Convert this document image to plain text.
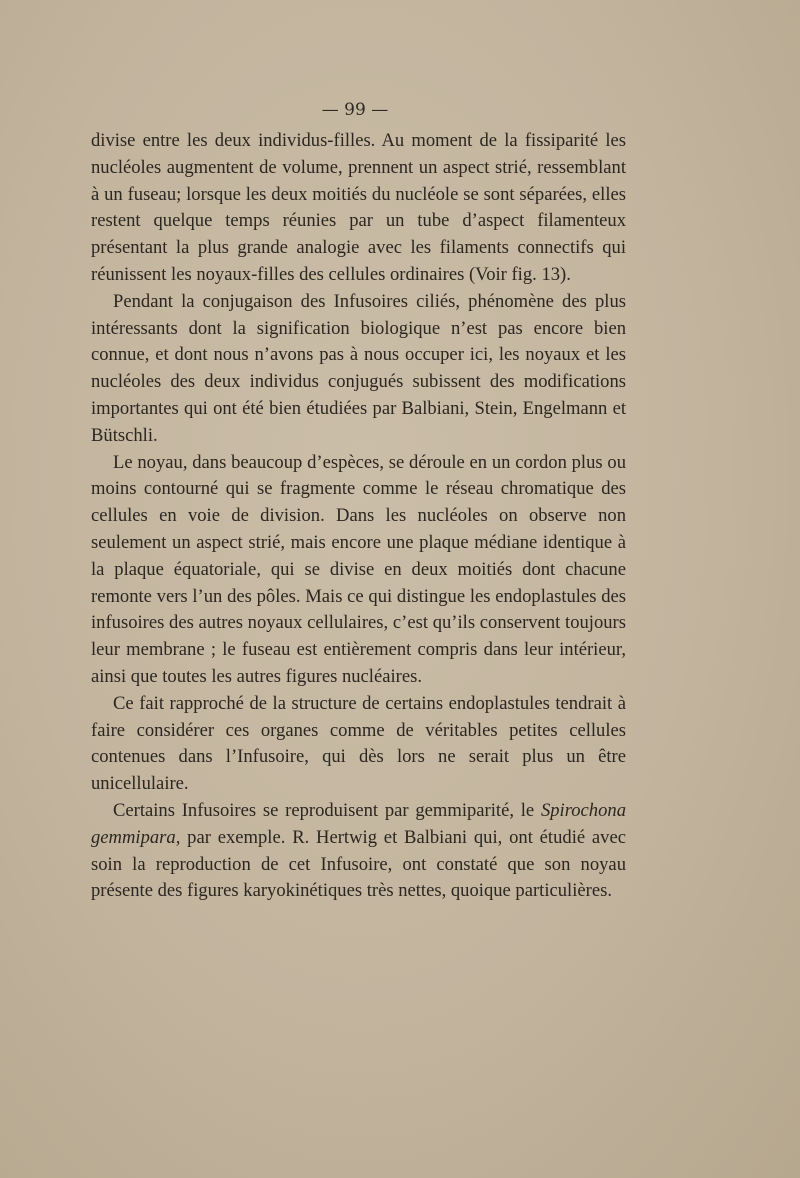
— 99 —

divise entre les deux individus-filles. Au moment de la fissiparité les nucléoles augmentent de volume, prennent un aspect strié, ressemblant à un fuseau; lorsque les deux moitiés du nucléole se sont séparées, elles restent quelque temps réunies par un tube d’aspect filamenteux présentant la plus grande analogie avec les filaments connectifs qui réunissent les noyaux-filles des cellules ordinaires (Voir fig. 13).

Pendant la conjugaison des Infusoires ciliés, phénomène des plus intéressants dont la signification biologique n’est pas encore bien connue, et dont nous n’avons pas à nous occuper ici, les noyaux et les nucléoles des deux individus conjugués subissent des modifications importantes qui ont été bien étudiées par Balbiani, Stein, Engelmann et Bütschli.

Le noyau, dans beaucoup d’espèces, se déroule en un cordon plus ou moins contourné qui se fragmente comme le réseau chromatique des cellules en voie de division. Dans les nucléoles on observe non seulement un aspect strié, mais encore une plaque médiane identique à la plaque équatoriale, qui se divise en deux moitiés dont chacune remonte vers l’un des pôles. Mais ce qui distingue les endoplastules des infusoires des autres noyaux cellulaires, c’est qu’ils conservent toujours leur membrane ; le fuseau est entièrement compris dans leur intérieur, ainsi que toutes les autres figures nucléaires.

Ce fait rapproché de la structure de certains endoplastules tendrait à faire considérer ces organes comme de véritables petites cellules contenues dans l’Infusoire, qui dès lors ne serait plus un être unicellulaire.

Certains Infusoires se reproduisent par gemmiparité, le Spirochona gemmipara, par exemple. R. Hertwig et Balbiani qui, ont étudié avec soin la reproduction de cet Infusoire, ont constaté que son noyau présente des figures karyokinétiques très nettes, quoique particulières.
